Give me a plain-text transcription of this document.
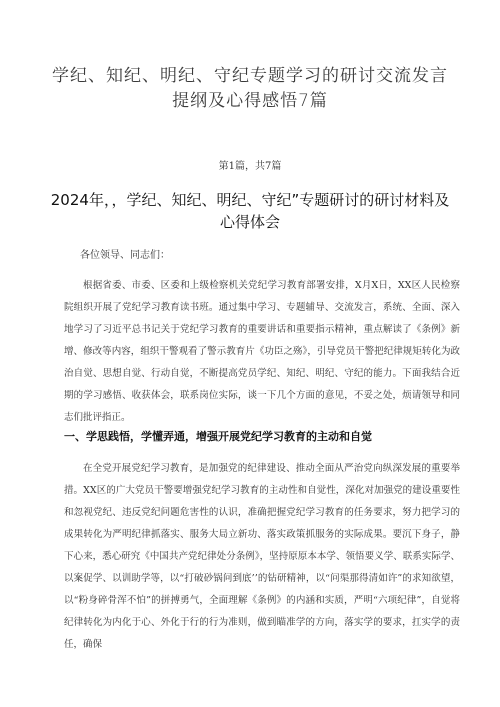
学纪、知纪、明纪、守纪专题学习的研讨交流发言
提纲及心得感悟7篇
第1篇，共7篇
2024年，，学纪、知纪、明纪、守纪”专题研讨的研讨材料及
心得体会
各位领导、同志们：

根据省委、市委、区委和上级检察机关党纪学习教育部署安排，X月X日，XX区人民检察院组织开展了党纪学习教育读书班。通过集中学习、专题辅导、交流发言，系统、全面、深入地学习了习近平总书记关于党纪学习教育的重要讲话和重要指示精神，重点解读了《条例》新增、修改等内容，组织干警观看了警示教育片《功臣之殇》，引导党员干警把纪律规矩转化为政治自觉、思想自觉、行动自觉，不断提高党员学纪、知纪、明纪、守纪的能力。下面我结合近期的学习感悟、收获体会，联系岗位实际，谈一下几个方面的意见，不妥之处，烦请领导和同志们批评指正。

一、学思践悟，学懂弄通，增强开展党纪学习教育的主动和自觉

在全党开展党纪学习教育，是加强党的纪律建设、推动全面从严治党向纵深发展的重要举措。XX区的广大党员干警要增强党纪学习教育的主动性和自觉性，深化对加强党的建设重要性和忽视党纪、违反党纪问题危害性的认识，准确把握党纪学习教育的任务要求，努力把学习的成果转化为严明纪律抓落实、服务大局立新功、落实政策抓服务的实际成果。要沉下身子，静下心来，悉心研究《中国共产党纪律处分条例》，坚持原原本本学、领悟要义学、联系实际学、以案促学、以训助学等，以“打破砂锅问到底’’的钻研精神，以“问渠那得清如许”的求知欲望，以“粉身碎骨浑不怕”的拼搏勇气，全面理解《条例》的内涵和实质，严明“六项纪律”，自觉将纪律转化为内化于心、外化于行的行为准则，做到瞄准学的方向，落实学的要求，扛实学的责任，确保
